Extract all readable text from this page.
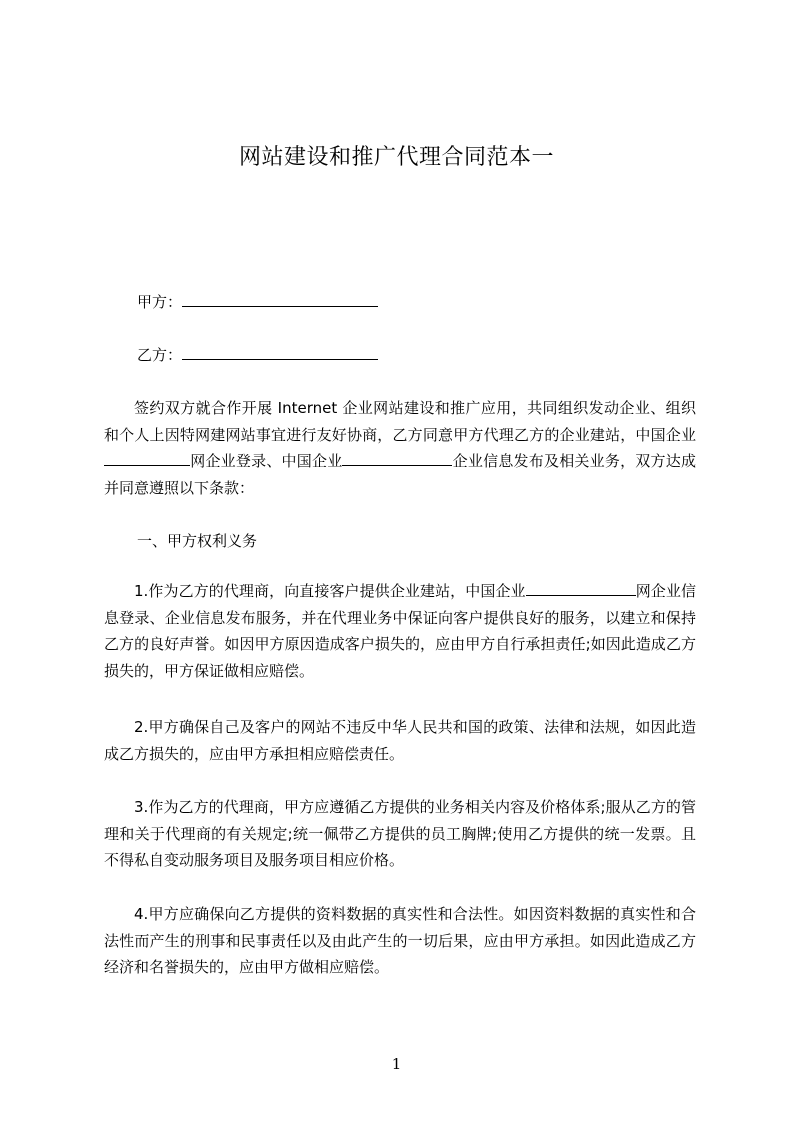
网站建设和推广代理合同范本一
甲方：
乙方：
签约双方就合作开展 Internet 企业网站建设和推广应用，共同组织发动企业、组织和个人上因特网建网站事宜进行友好协商，乙方同意甲方代理乙方的企业建站，中国企业网企业登录、中国企业	企业信息发布及相关业务，双方达成并同意遵照以下条款：
一、甲方权利义务
1.作为乙方的代理商，向直接客户提供企业建站，中国企业	网企业信息登录、企业信息发布服务，并在代理业务中保证向客户提供良好的服务，以建立和保持乙方的良好声誉。如因甲方原因造成客户损失的，应由甲方自行承担责任;如因此造成乙方损失的，甲方保证做相应赔偿。
2.甲方确保自己及客户的网站不违反中华人民共和国的政策、法律和法规，如因此造成乙方损失的，应由甲方承担相应赔偿责任。
3.作为乙方的代理商，甲方应遵循乙方提供的业务相关内容及价格体系;服从乙方的管理和关于代理商的有关规定;统一佩带乙方提供的员工胸牌;使用乙方提供的统一发票。且不得私自变动服务项目及服务项目相应价格。
4.甲方应确保向乙方提供的资料数据的真实性和合法性。如因资料数据的真实性和合法性而产生的刑事和民事责任以及由此产生的一切后果，应由甲方承担。如因此造成乙方经济和名誉损失的，应由甲方做相应赔偿。
1
